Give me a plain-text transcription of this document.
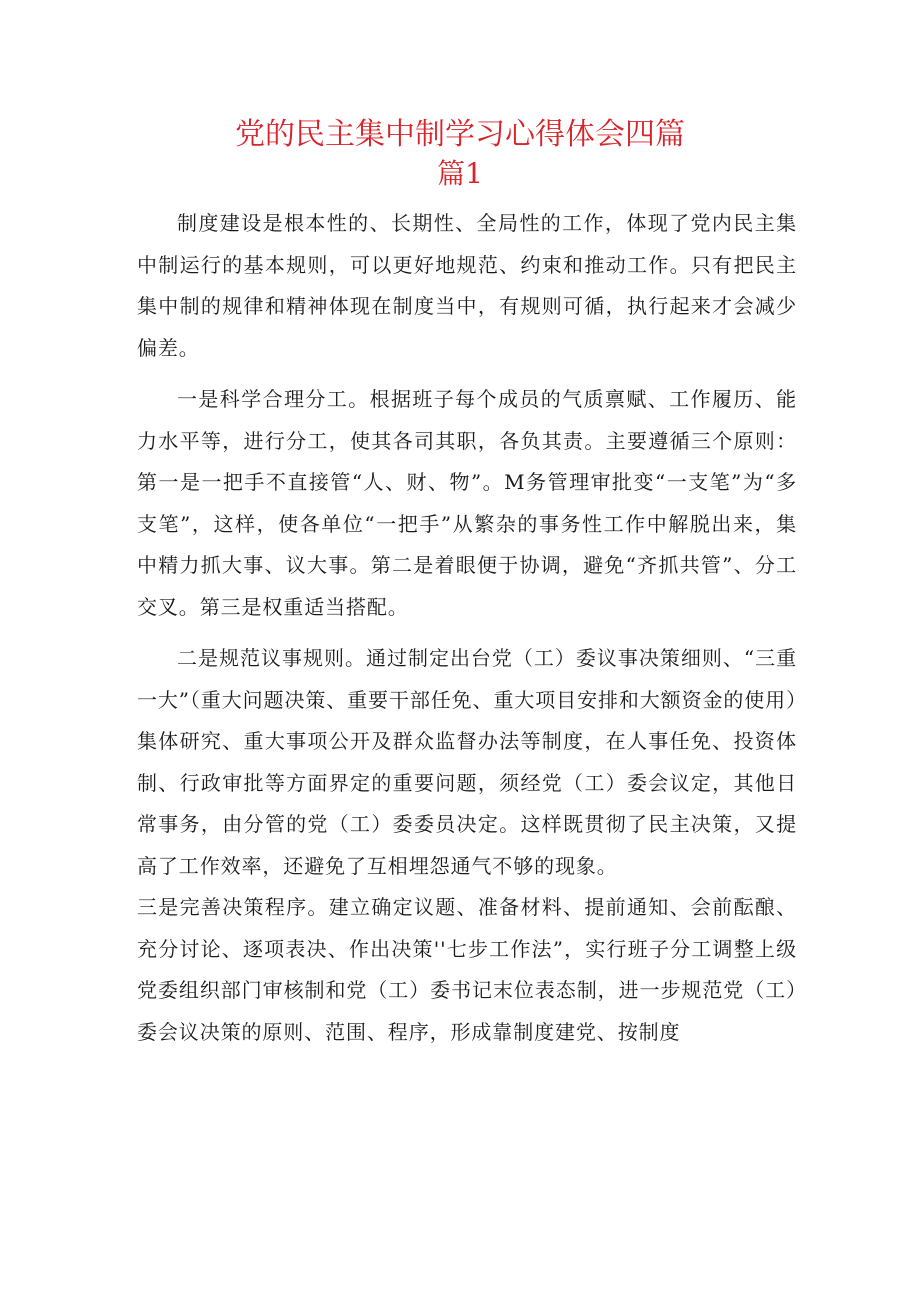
党的民主集中制学习心得体会四篇
篇1

制度建设是根本性的、长期性、全局性的工作，体现了党内民主集中制运行的基本规则，可以更好地规范、约束和推动工作。只有把民主集中制的规律和精神体现在制度当中，有规则可循，执行起来才会减少偏差。

一是科学合理分工。根据班子每个成员的气质禀赋、工作履历、能力水平等，进行分工，使其各司其职，各负其责。主要遵循三个原则：第一是一把手不直接管“人、财、物”。M务管理审批变“一支笔”为“多支笔”，这样，使各单位“一把手”从繁杂的事务性工作中解脱出来，集中精力抓大事、议大事。第二是着眼便于协调，避免“齐抓共管”、分工交叉。第三是权重适当搭配。

二是规范议事规则。通过制定出台党（工）委议事决策细则、“三重一大”（重大问题决策、重要干部任免、重大项目安排和大额资金的使用）集体研究、重大事项公开及群众监督办法等制度，在人事任免、投资体制、行政审批等方面界定的重要问题，须经党（工）委会议定，其他日常事务，由分管的党（工）委委员决定。这样既贯彻了民主决策，又提高了工作效率，还避免了互相埋怨通气不够的现象。

三是完善决策程序。建立确定议题、准备材料、提前通知、会前酝酿、充分讨论、逐项表决、作出决策''七步工作法”，实行班子分工调整上级党委组织部门审核制和党（工）委书记末位表态制，进一步规范党（工）委会议决策的原则、范围、程序，形成靠制度建党、按制度
